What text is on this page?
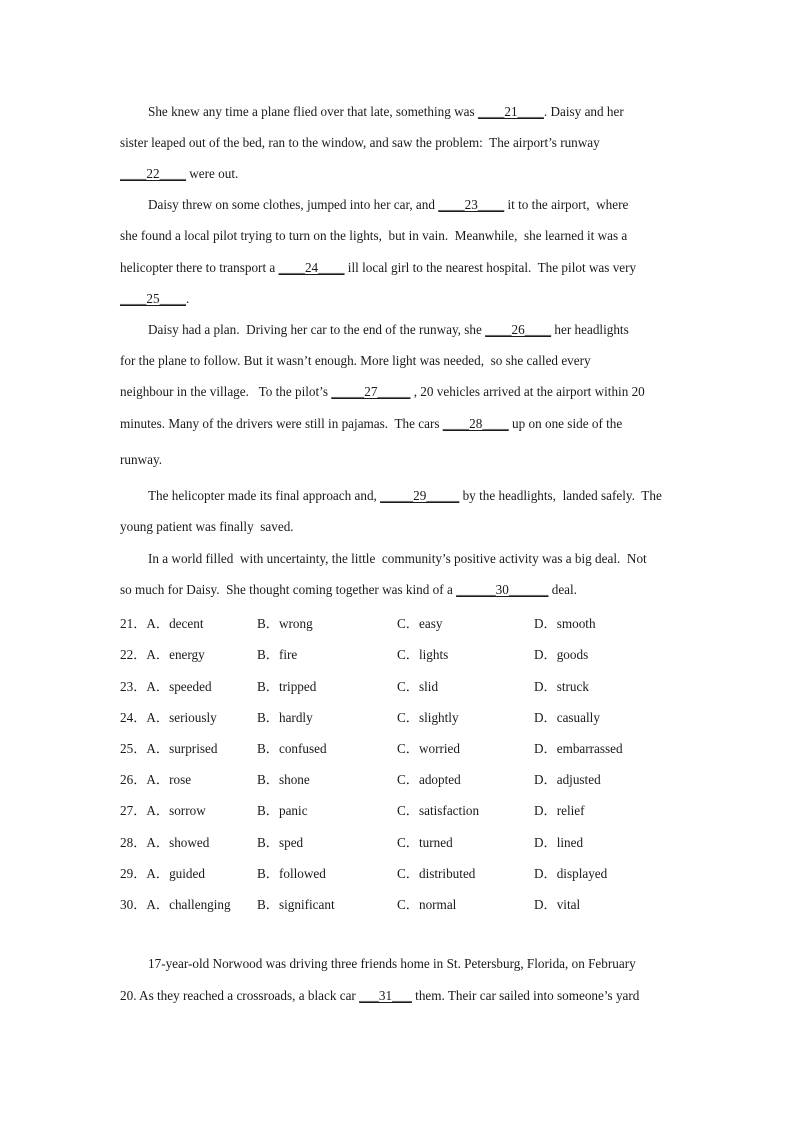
She knew any time a plane flied over that late, something was ____21____. Daisy and her
sister leaped out of the bed, ran to the window, and saw the problem:  The airport’s runway
____22____ were out.
Daisy threw on some clothes, jumped into her car, and ____23____ it to the airport,  where
she found a local pilot trying to turn on the lights,  but in vain.  Meanwhile,  she learned it was a
helicopter there to transport a ____24____ ill local girl to the nearest hospital.  The pilot was very
____25____.
Daisy had a plan.  Driving her car to the end of the runway, she ____26____ her headlights
for the plane to follow. But it wasn’t enough. More light was needed,  so she called every
neighbour in the village.   To the pilot’s _____27_____ , 20 vehicles arrived at the airport within 20
minutes. Many of the drivers were still in pajamas.  The cars ____28____ up on one side of the
runway.
The helicopter made its final approach and, _____29_____ by the headlights,  landed safely.  The
young patient was finally  saved.
In a world filled  with uncertainty, the little  community’s positive activity was a big deal.  Not
so much for Daisy.  She thought coming together was kind of a ______30______ deal.
21．A．decent	B．wrong	C．easy	D．smooth
22．A．energy	B．fire	C．lights	D．goods
23．A．speeded	B．tripped	C．slid	D．struck
24．A．seriously	B．hardly	C．slightly	D．casually
25．A．surprised	B．confused	C．worried	D．embarrassed
26．A．rose	B．shone	C．adopted	D．adjusted
27．A．sorrow	B．panic	C．satisfaction	D．relief
28．A．showed	B．sped	C．turned	D．lined
29．A．guided	B．followed	C．distributed	D．displayed
30．A．challenging B．significant	C．normal	D．vital
17-year-old Norwood was driving three friends home in St. Petersburg, Florida, on February
20. As they reached a crossroads, a black car ___31___ them. Their car sailed into someone’s yard
